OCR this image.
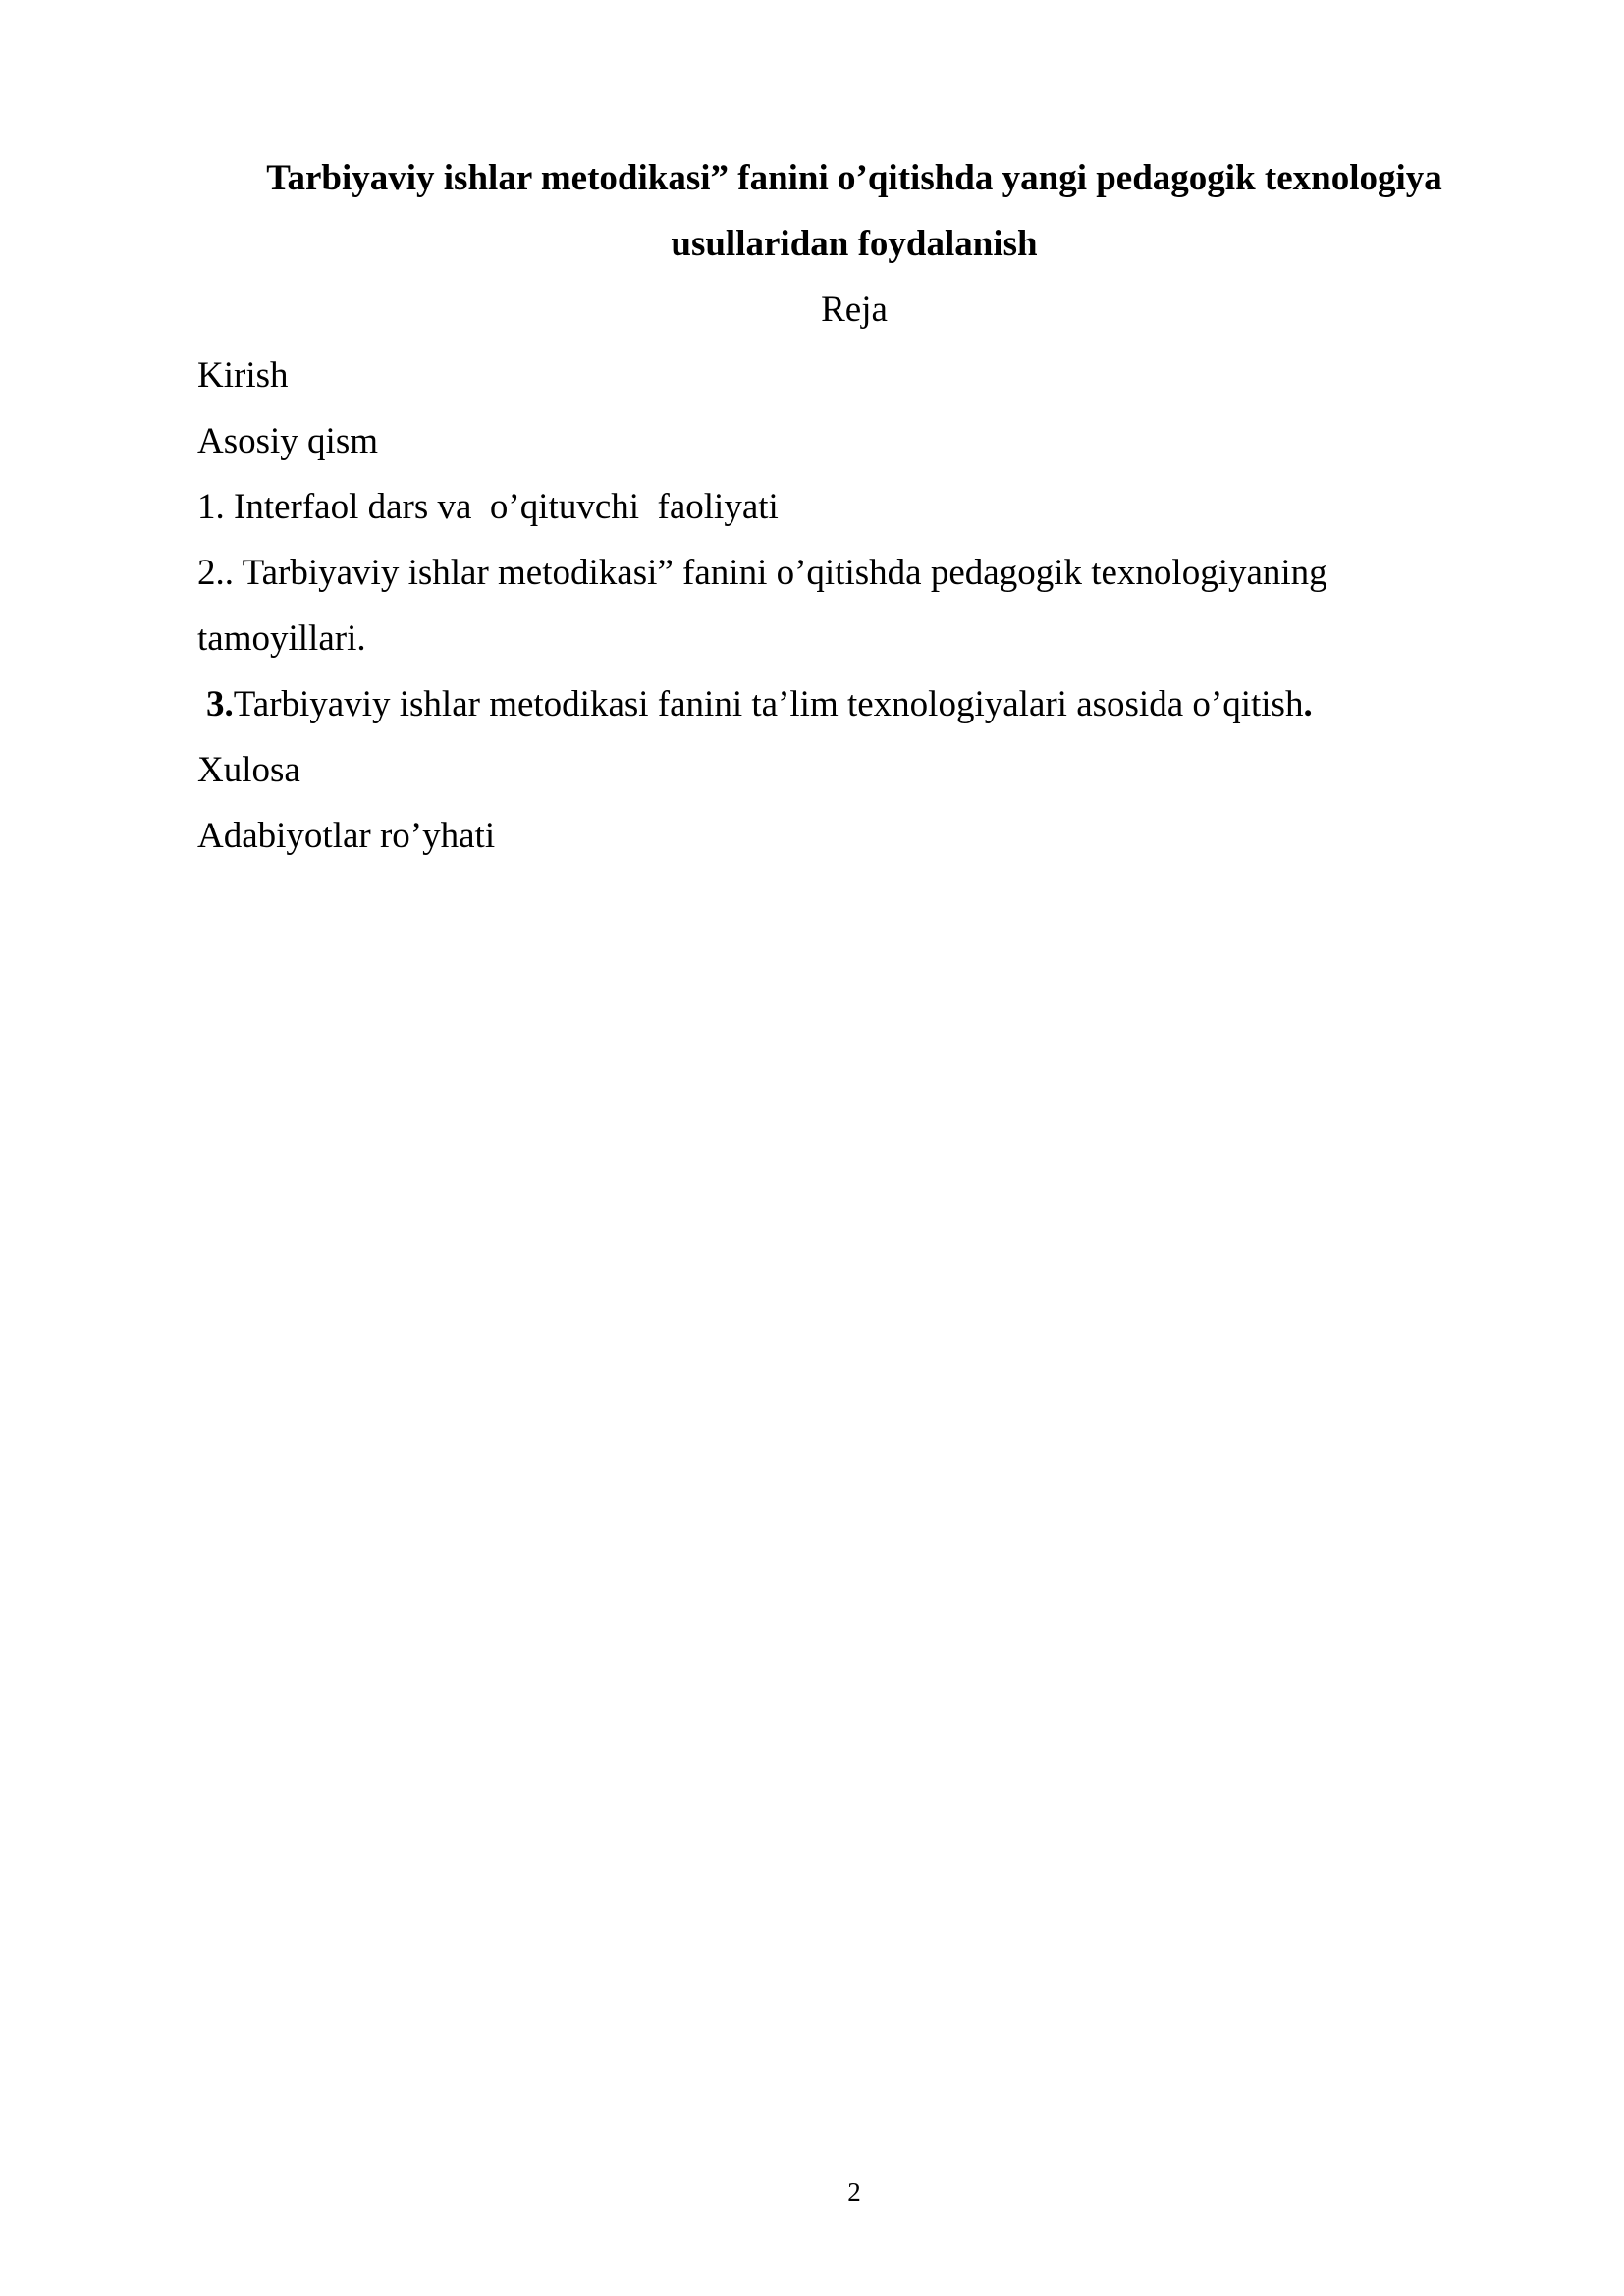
Tarbiyaviy ishlar metodikasi” fanini o’qitishda yangi pedagogik texnologiya
usullaridan foydalanish
Reja
Kirish
Asosiy qism
1. Interfaol dars va  o’qituvchi  faoliyati
2.. Tarbiyaviy ishlar metodikasi” fanini o’qitishda pedagogik texnologiyaning
tamoyillari.
3.Tarbiyaviy ishlar metodikasi fanini ta’lim texnologiyalari asosida o’qitish.
Xulosa
Adabiyotlar ro’yhati
2
